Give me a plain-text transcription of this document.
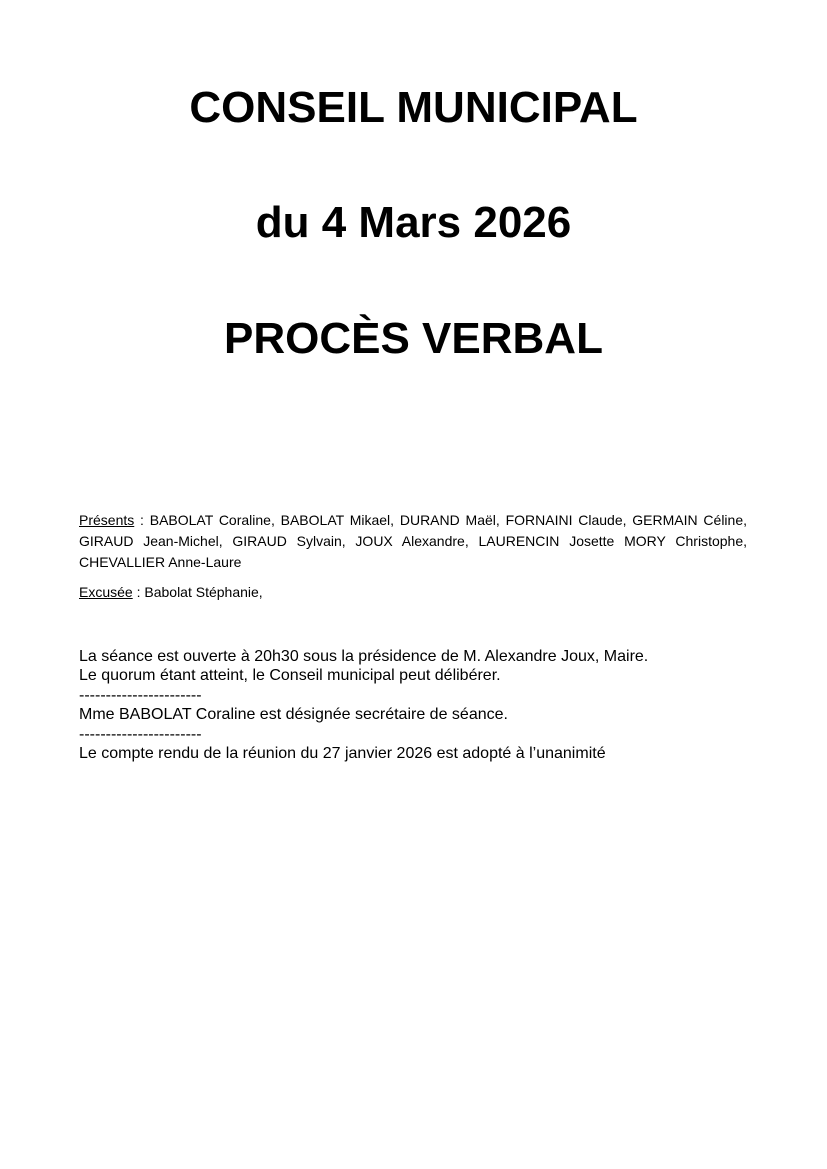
CONSEIL MUNICIPAL
du 4 Mars 2026
PROCÈS VERBAL

Présents : BABOLAT Coraline, BABOLAT Mikael, DURAND Maël, FORNAINI Claude, GERMAIN Céline, GIRAUD Jean-Michel, GIRAUD Sylvain, JOUX Alexandre, LAURENCIN Josette MORY Christophe, CHEVALLIER Anne-Laure

Excusée : Babolat Stéphanie,

La séance est ouverte à 20h30 sous la présidence de M. Alexandre Joux, Maire.
Le quorum étant atteint, le Conseil municipal peut délibérer.
-----------------------
Mme BABOLAT Coraline est désignée secrétaire de séance.
-----------------------
Le compte rendu de la réunion du 27 janvier 2026 est adopté à l’unanimité
